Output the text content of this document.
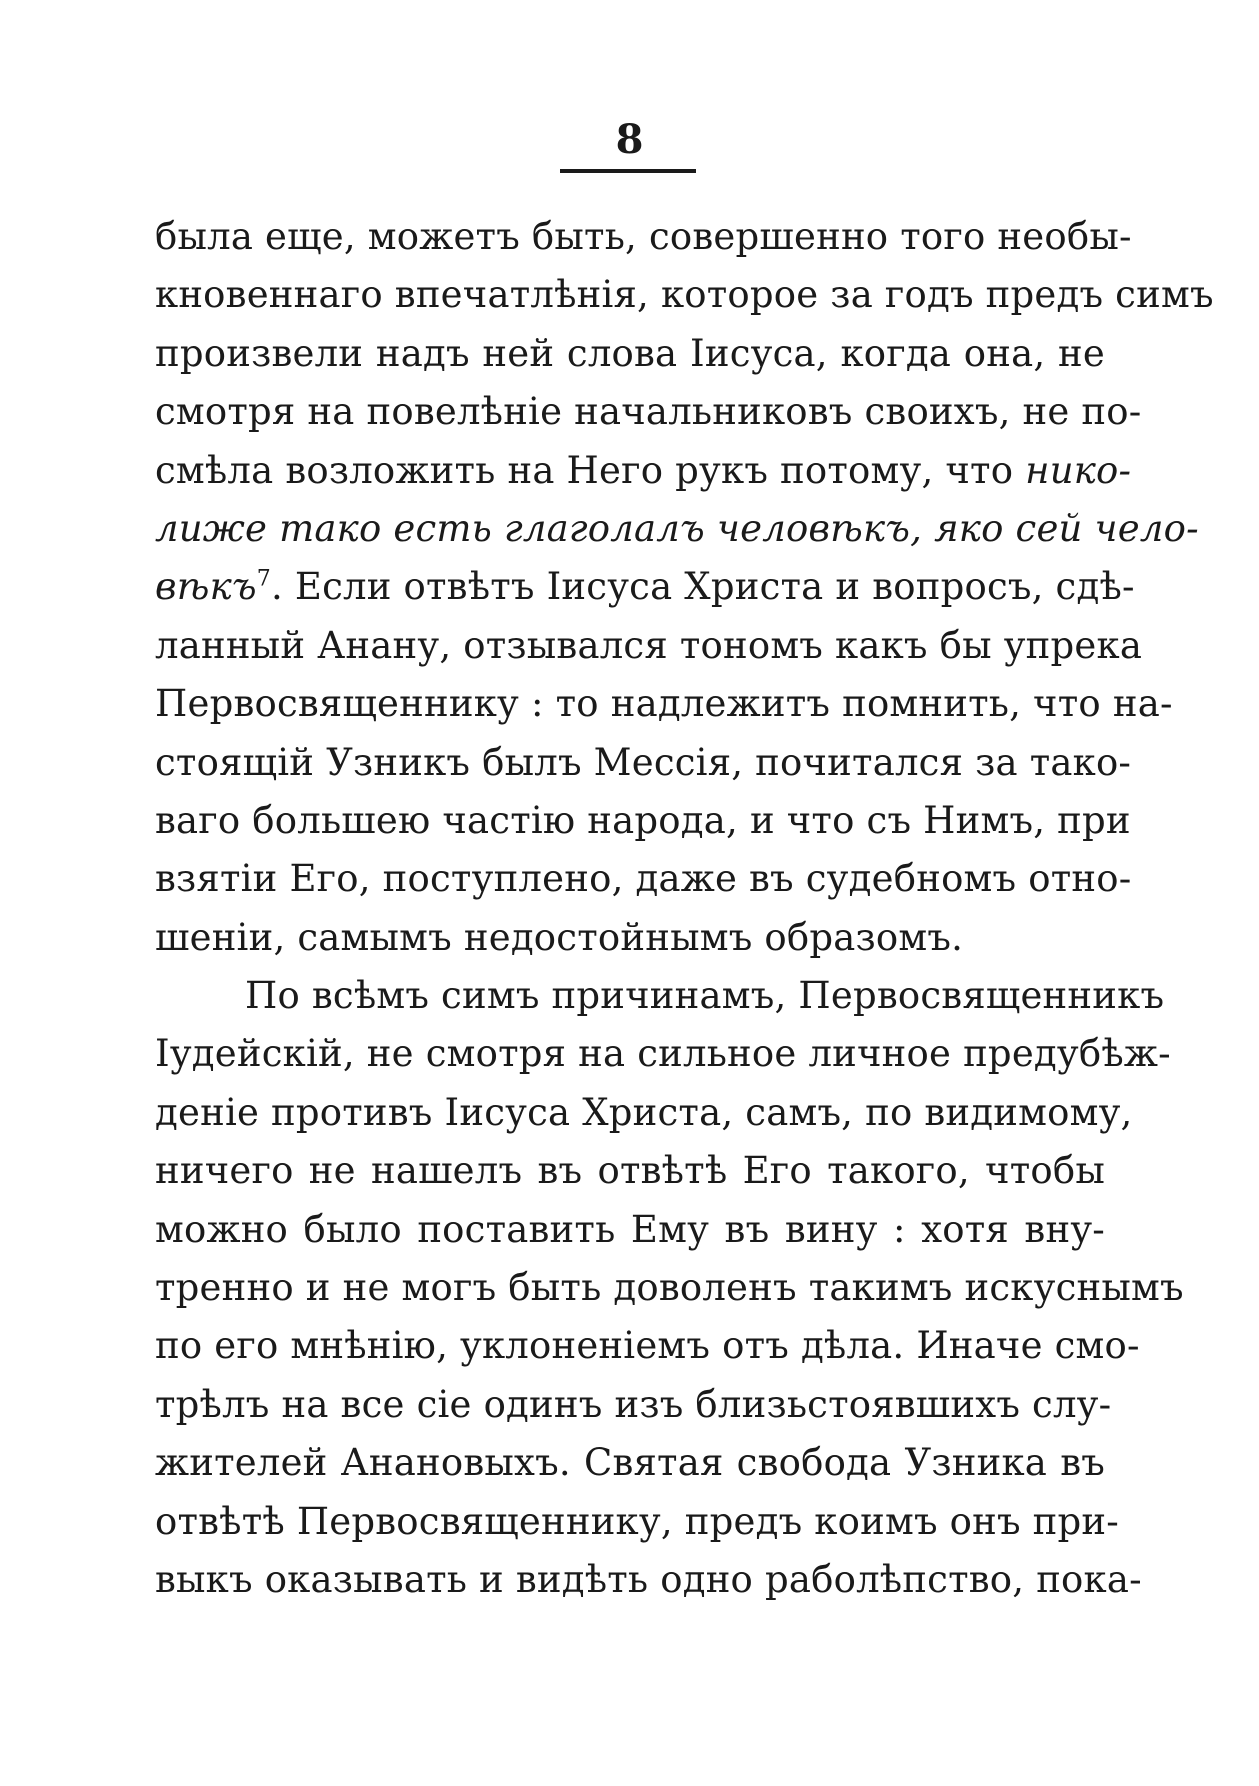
8
была еще, можетъ быть, совершенно того необы-
кновеннаго впечатлѣнія, которое за годъ предъ симъ
произвели надъ ней слова Іисуса, когда она, не
смотря на повелѣніе начальниковъ своихъ, не по-
смѣла возложить на Него рукъ потому, что нико-
лиже тако есть глаголалъ человѣкъ, яко сей чело-
вѣкъ$^7$. Если отвѣтъ Іисуса Христа и вопросъ, сдѣ-
ланный Анану, отзывался тономъ какъ бы упрека
Первосвященнику : то надлежитъ помнить, что на-
стоящій Узникъ былъ Мессія, почитался за тако-
ваго большею частію народа, и что съ Нимъ, при
взятіи Его, поступлено, даже въ судебномъ отно-
шеніи, самымъ недостойнымъ образомъ.
По всѣмъ симъ причинамъ, Первосвященникъ
Іудейскій, не смотря на сильное личное предубѣж-
деніе противъ Іисуса Христа, самъ, по видимому,
ничего не нашелъ въ отвѣтѣ Его такого, чтобы
можно было поставить Ему въ вину : хотя вну-
тренно и не могъ быть доволенъ такимъ искуснымъ
по его мнѣнію, уклоненіемъ отъ дѣла. Иначе смо-
трѣлъ на все сіе одинъ изъ близьстоявшихъ слу-
жителей Анановыхъ. Святая свобода Узника въ
отвѣтѣ Первосвященнику, предъ коимъ онъ при-
выкъ оказывать и видѣть одно раболѣпство, пока-
